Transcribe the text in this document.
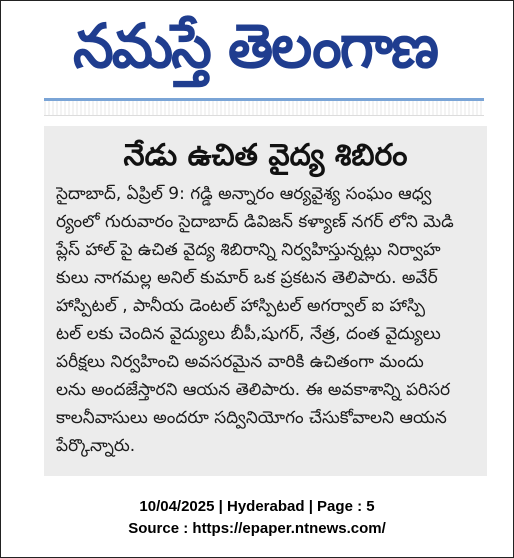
నమస్తే తెలంగాణ
నేడు ఉచిత వైద్య శిబిరం
సైదాబాద్, ఏప్రిల్ 9: గడ్డి అన్నారం ఆర్యవైశ్య సంఘం ఆధ్వ
ర్యంలో గురువారం సైదాబాద్ డివిజన్ కళ్యాణ్ నగర్ లోని మెడి
ప్లేస్ హాల్ పై ఉచిత వైద్య శిబిరాన్ని నిర్వహిస్తున్నట్లు నిర్వాహ
కులు నాగమల్ల అనిల్ కుమార్ ఒక ప్రకటన తెలిపారు. అవేర్
హాస్పిటల్ , పానీయ డెంటల్ హాస్పిటల్ అగర్వాల్ ఐ హాస్పి
టల్ లకు చెందిన వైద్యులు బీపీ,షుగర్, నేత్ర, దంత వైద్యులు
పరీక్షలు నిర్వహించి అవసరమైన వారికి ఉచితంగా మందు
లను అందజేస్తారని ఆయన తెలిపారు. ఈ అవకాశాన్ని పరిసర
కాలనీవాసులు అందరూ సద్వినియోగం చేసుకోవాలని ఆయన
పేర్కొన్నారు.
10/04/2025 | Hyderabad | Page : 5
Source : https://epaper.ntnews.com/
